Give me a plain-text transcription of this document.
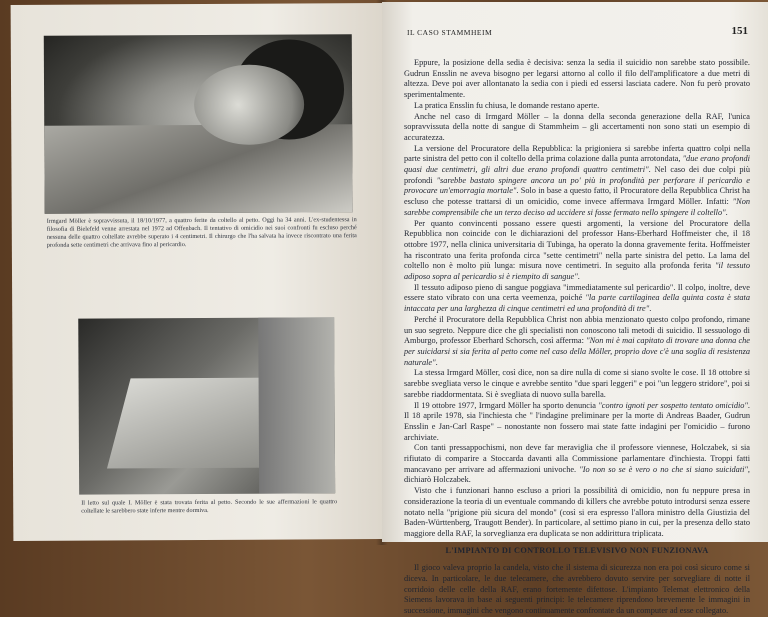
Irmgard Möller è sopravvissuta, il 18/10/1977, a quattro ferite da coltello al petto. Oggi ha 34 anni. L'ex-studentessa in filosofia di Bielefeld venne arrestata nel 1972 ad Offenbach. Il tentativo di omicidio nei suoi confronti fu escluso perché nessuna delle quattro coltellate avrebbe superato i 4 centimetri. Il chirurgo che l'ha salvata ha invece riscontrato una ferita profonda sette centimetri che arrivava fino al pericardio.
Il letto sul quale I. Möller è stata trovata ferita al petto. Secondo le sue affermazioni le quattro coltellate le sarebbero state inferte mentre dormiva.
IL CASO STAMMHEIM	151

Eppure, la posizione della sedia è decisiva: senza la sedia il suicidio non sarebbe stato possibile. Gudrun Ensslin ne aveva bisogno per legarsi attorno al collo il filo dell'amplificatore a due metri di altezza. Deve poi aver allontanato la sedia con i piedi ed essersi lasciata cadere. Non fu però provato sperimentalmente.

La pratica Ensslin fu chiusa, le domande restano aperte.

Anche nel caso di Irmgard Möller – la donna della seconda generazione della RAF, l'unica sopravvissuta della notte di sangue di Stammheim – gli accertamenti non sono stati un esempio di accuratezza.

La versione del Procuratore della Repubblica: la prigioniera si sarebbe inferta quattro colpi nella parte sinistra del petto con il coltello della prima colazione dalla punta arrotondata, "due erano profondi quasi due centimetri, gli altri due erano profondi quattro centimetri". Nel caso dei due colpi più profondi "sarebbe bastato spingere ancora un po' più in profondità per perforare il pericardio e provocare un'emorragia mortale". Solo in base a questo fatto, il Procuratore della Repubblica Christ ha escluso che potesse trattarsi di un omicidio, come invece affermava Irmgard Möller. Infatti: "Non sarebbe comprensibile che un terzo deciso ad uccidere si fosse fermato nello spingere il coltello".

Per quanto convincenti possano essere questi argomenti, la versione del Procuratore della Repubblica non coincide con le dichiarazioni del professor Hans-Eberhard Hoffmeister che, il 18 ottobre 1977, nella clinica universitaria di Tubinga, ha operato la donna gravemente ferita. Hoffmeister ha riscontrato una ferita profonda circa "sette centimetri" nella parte sinistra del petto. La lama del coltello non è molto più lunga: misura nove centimetri. In seguito alla profonda ferita "il tessuto adiposo sopra al pericardio si è riempito di sangue".

Il tessuto adiposo pieno di sangue poggiava "immediatamente sul pericardio". Il colpo, inoltre, deve essere stato vibrato con una certa veemenza, poiché "la parte cartilaginea della quinta costa è stata intaccata per una larghezza di cinque centimetri ed una profondità di tre".

Perché il Procuratore della Repubblica Christ non abbia menzionato questo colpo profondo, rimane un suo segreto. Neppure dice che gli specialisti non conoscono tali metodi di suicidio. Il sessuologo di Amburgo, professor Eberhard Schorsch, così afferma: "Non mi è mai capitato di trovare una donna che per suicidarsi si sia ferita al petto come nel caso della Möller, proprio dove c'è una soglia di resistenza naturale".

La stessa Irmgard Möller, così dice, non sa dire nulla di come si siano svolte le cose. Il 18 ottobre si sarebbe svegliata verso le cinque e avrebbe sentito "due spari leggeri" e poi "un leggero stridore", poi si sarebbe riaddormentata. Si è svegliata di nuovo sulla barella.

Il 19 ottobre 1977, Irmgard Möller ha sporto denuncia "contro ignoti per sospetto tentato omicidio". Il 18 aprile 1978, sia l'inchiesta che " l'indagine preliminare per la morte di Andreas Baader, Gudrun Ensslin e Jan-Carl Raspe" – nonostante non fossero mai state fatte indagini per l'omicidio – furono archiviate.

Con tanti pressappochismi, non deve far meraviglia che il professore viennese, Holczabek, si sia rifiutato di comparire a Stoccarda davanti alla Commissione parlamentare d'inchiesta. Troppi fatti mancavano per arrivare ad affermazioni univoche. "Io non so se è vero o no che si siano suicidati", dichiarò Holczabek.

Visto che i funzionari hanno escluso a priori la possibilità di omicidio, non fu neppure presa in considerazione la teoria di un eventuale commando di killers che avrebbe potuto introdursi senza essere notato nella "prigione più sicura del mondo" (così si era espresso l'allora ministro della Giustizia del Baden-Württenberg, Traugott Bender). In particolare, al settimo piano in cui, per la presenza dello stato maggiore della RAF, la sorveglianza era duplicata se non addirittura triplicata.

L'IMPIANTO DI CONTROLLO TELEVISIVO NON FUNZIONAVA

Il gioco valeva proprio la candela, visto che il sistema di sicurezza non era poi così sicuro come si diceva. In particolare, le due telecamere, che avrebbero dovuto servire per sorvegliare di notte il corridoio delle celle della RAF, erano fortemente difettose. L'impianto Telemat elettronico della Siemens lavorava in base ai seguenti principi: le telecamere riprendono brevemente le immagini in successione, immagini che vengono continuamente confrontate da un computer ad esse collegato.
